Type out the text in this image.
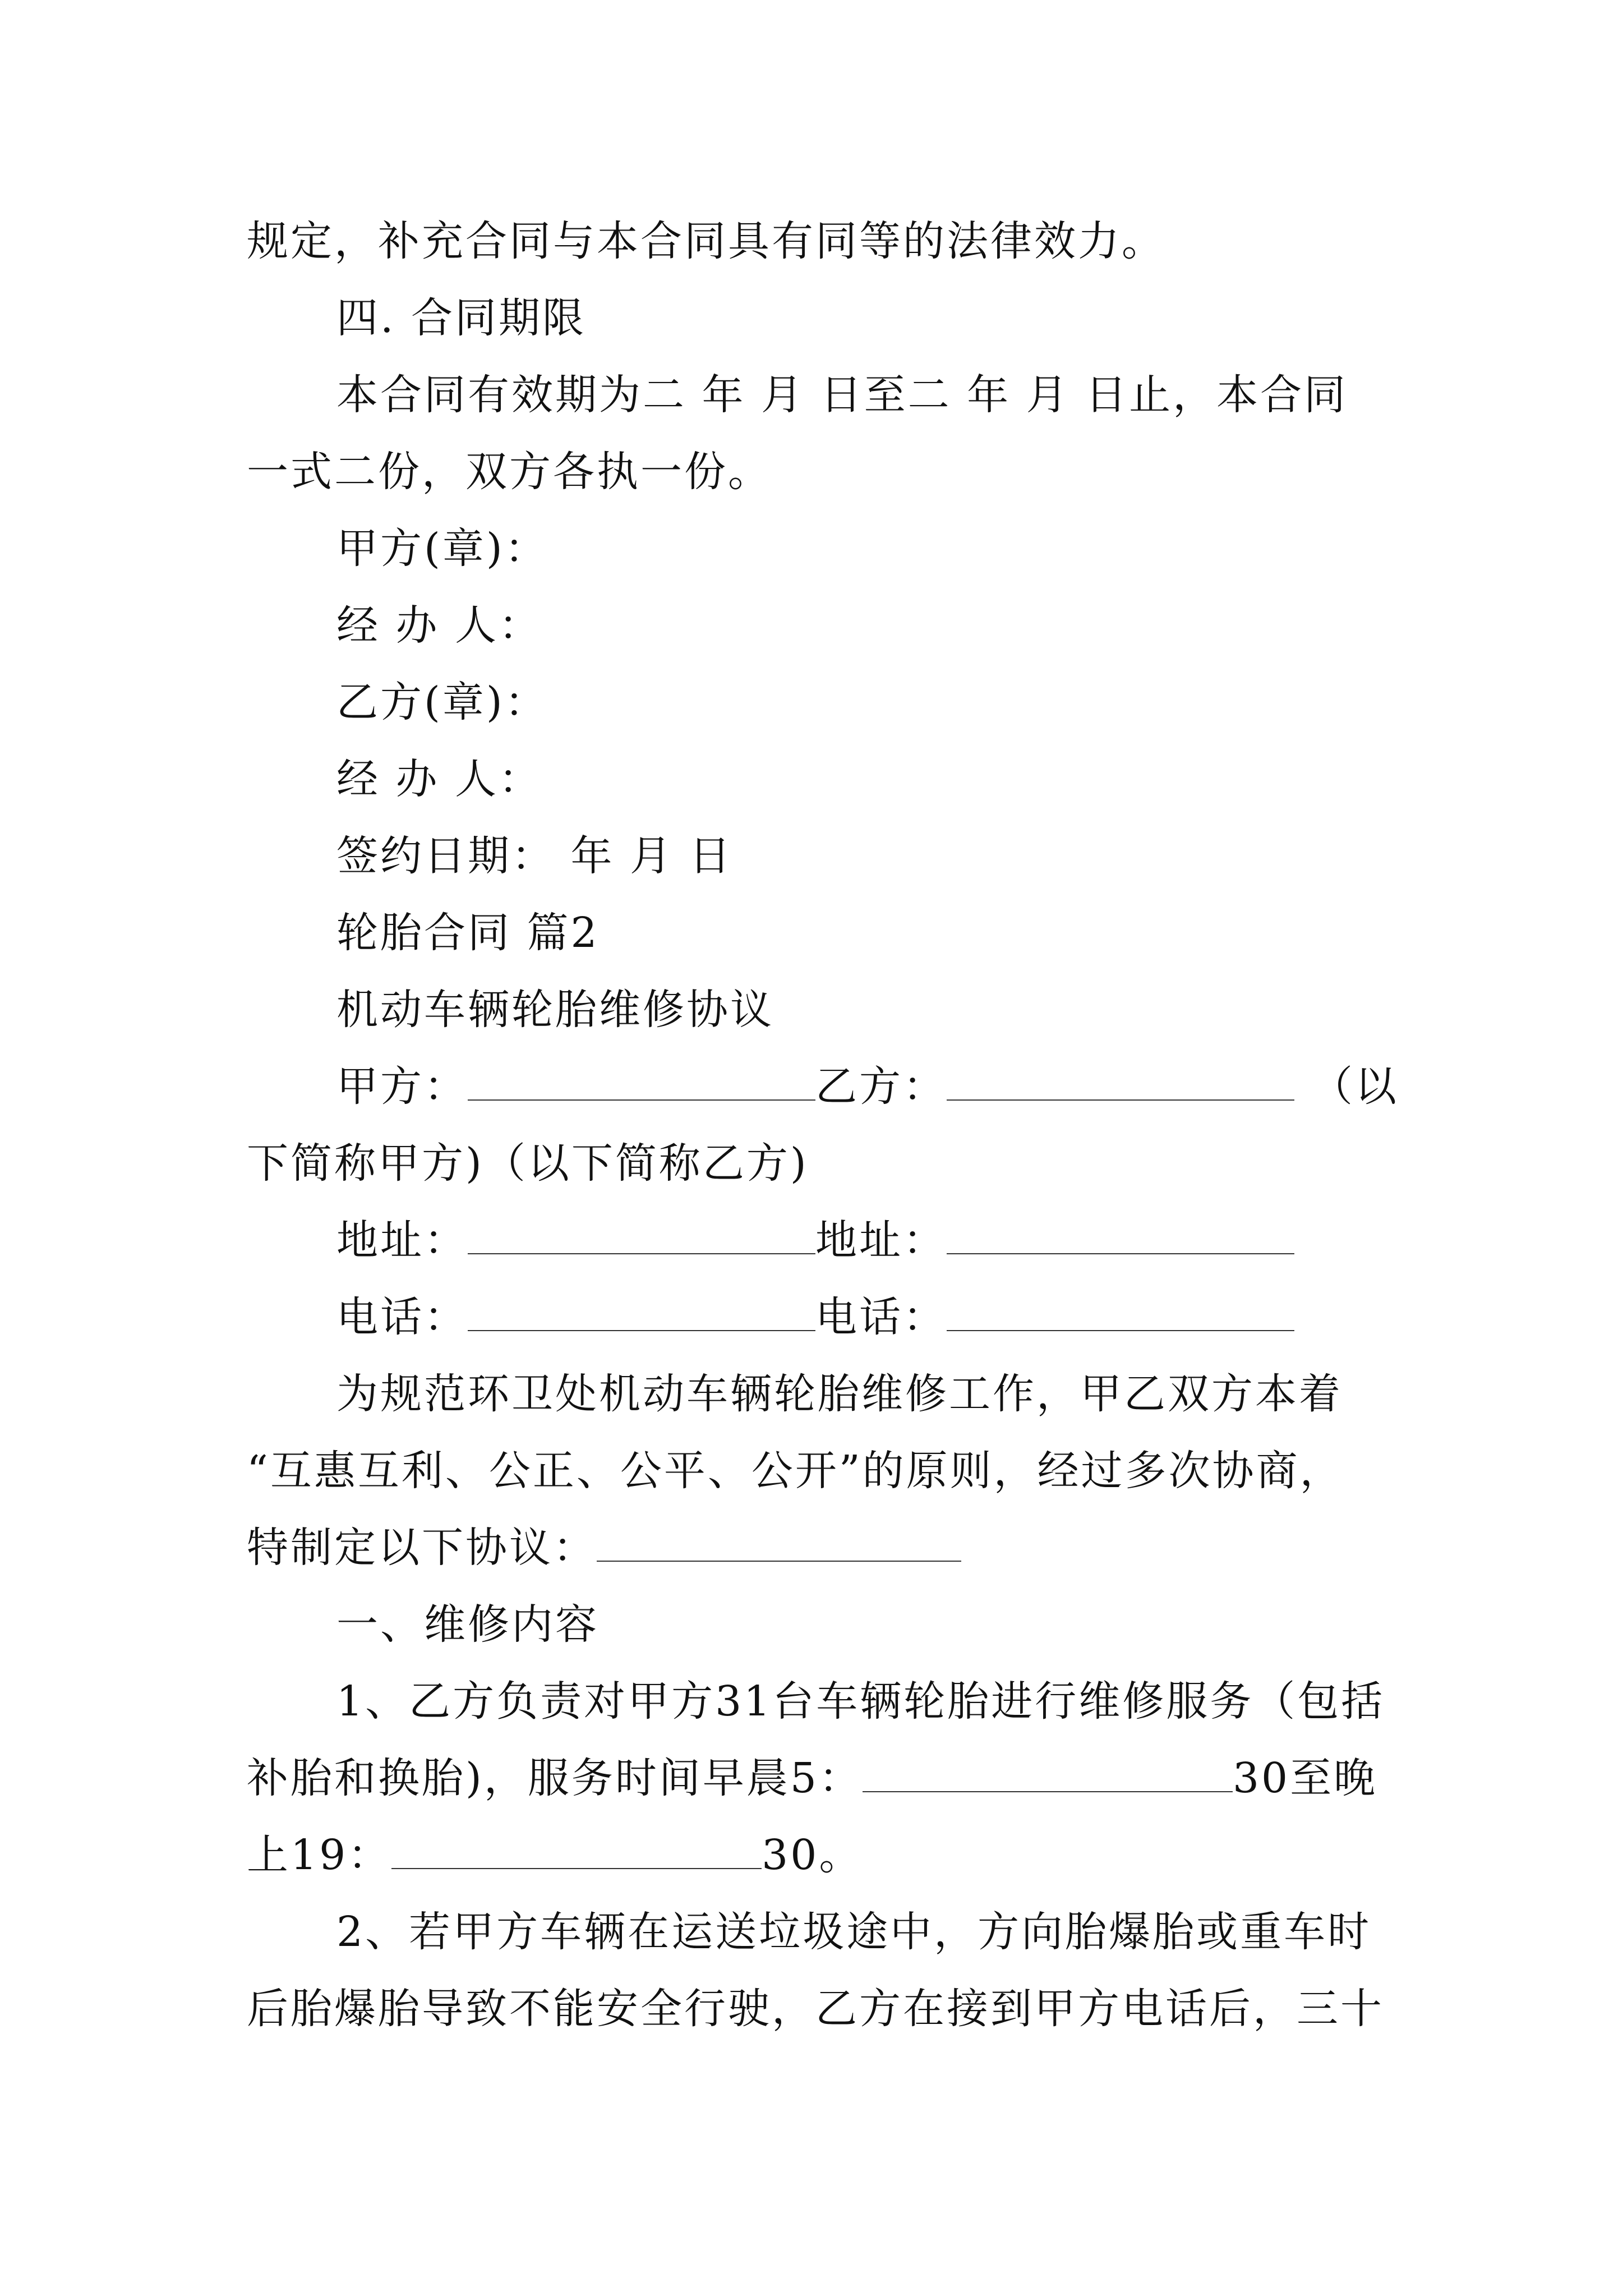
规定，补充合同与本合同具有同等的法律效力。
四. 合同期限
本合同有效期为二 年 月 日至二 年 月 日止，本合同
一式二份，双方各执一份。
甲方(章)：
经 办 人：
乙方(章)：
经 办 人：
签约日期： 年 月 日
轮胎合同 篇2
机动车辆轮胎维修协议
甲方：	乙方：	（以
下简称甲方)（以下简称乙方)
地址：	地址：
电话：	电话：
为规范环卫处机动车辆轮胎维修工作，甲乙双方本着
“互惠互利、公正、公平、公开”的原则，经过多次协商，
特制定以下协议：
一、维修内容
1、乙方负责对甲方31台车辆轮胎进行维修服务（包括
补胎和换胎)，服务时间早晨5：	30至晚
上19：	30。
2、若甲方车辆在运送垃圾途中，方向胎爆胎或重车时
后胎爆胎导致不能安全行驶，乙方在接到甲方电话后，三十
